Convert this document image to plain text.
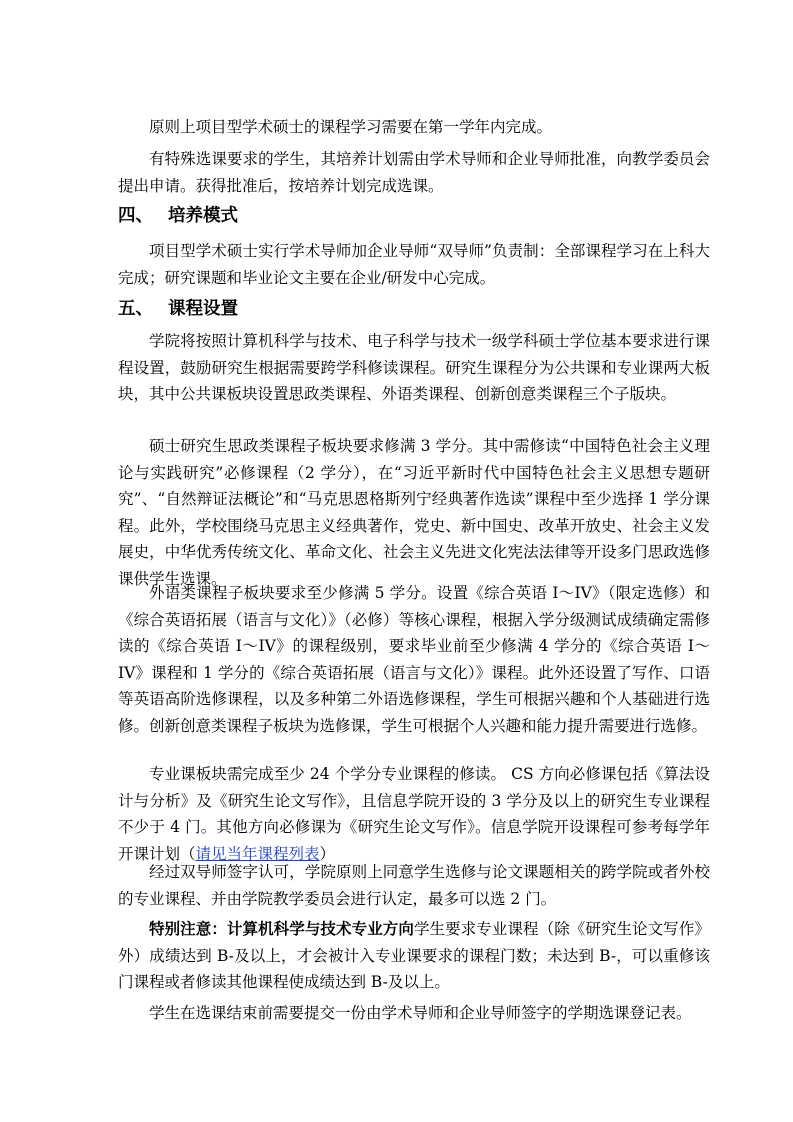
原则上项目型学术硕士的课程学习需要在第一学年内完成。

有特殊选课要求的学生，其培养计划需由学术导师和企业导师批准，向教学委员会提出申请。获得批准后，按培养计划完成选课。

四、 培养模式

项目型学术硕士实行学术导师加企业导师“双导师”负责制：全部课程学习在上科大完成；研究课题和毕业论文主要在企业/研发中心完成。

五、 课程设置

学院将按照计算机科学与技术、电子科学与技术一级学科硕士学位基本要求进行课程设置，鼓励研究生根据需要跨学科修读课程。研究生课程分为公共课和专业课两大板块，其中公共课板块设置思政类课程、外语类课程、创新创意类课程三个子版块。

硕士研究生思政类课程子板块要求修满 3 学分。其中需修读“中国特色社会主义理论与实践研究”必修课程（2 学分），在“习近平新时代中国特色社会主义思想专题研究”、“自然辩证法概论”和“马克思恩格斯列宁经典著作选读”课程中至少选择 1 学分课程。此外，学校围绕马克思主义经典著作，党史、新中国史、改革开放史、社会主义发展史，中华优秀传统文化、革命文化、社会主义先进文化宪法法律等开设多门思政选修课供学生选课。

外语类课程子板块要求至少修满 5 学分。设置《综合英语 I～IV》（限定选修）和《综合英语拓展（语言与文化）》（必修）等核心课程，根据入学分级测试成绩确定需修读的《综合英语 I～IV》的课程级别，要求毕业前至少修满 4 学分的《综合英语 I～IV》课程和 1 学分的《综合英语拓展（语言与文化）》课程。此外还设置了写作、口语等英语高阶选修课程，以及多种第二外语选修课程，学生可根据兴趣和个人基础进行选修。创新创意类课程子板块为选修课，学生可根据个人兴趣和能力提升需要进行选修。

专业课板块需完成至少 24 个学分专业课程的修读。 CS 方向必修课包括《算法设计与分析》及《研究生论文写作》，且信息学院开设的 3 学分及以上的研究生专业课程不少于 4 门。其他方向必修课为《研究生论文写作》。信息学院开设课程可参考每学年开课计划（请见当年课程列表）

经过双导师签字认可，学院原则上同意学生选修与论文课题相关的跨学院或者外校的专业课程、并由学院教学委员会进行认定，最多可以选 2 门。

特别注意：计算机科学与技术专业方向学生要求专业课程（除《研究生论文写作》外）成绩达到 B-及以上，才会被计入专业课要求的课程门数；未达到 B-，可以重修该门课程或者修读其他课程使成绩达到 B-及以上。

学生在选课结束前需要提交一份由学术导师和企业导师签字的学期选课登记表。
